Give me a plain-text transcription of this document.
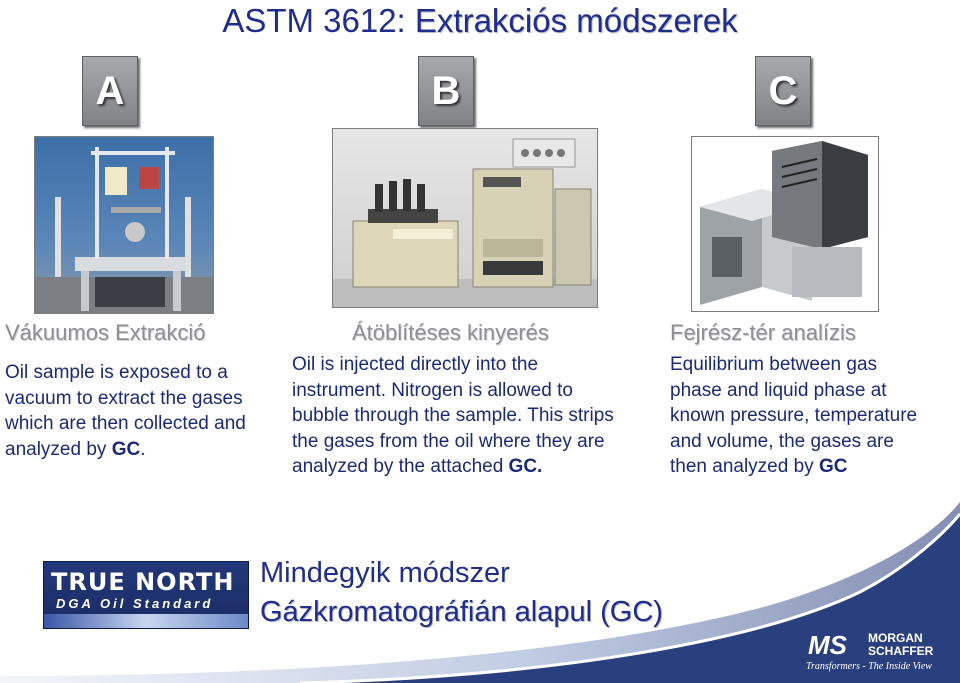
ASTM 3612: Extrakciós módszerek
A	B	C
Vákuumos Extrakció
Oil sample is exposed to a vacuum to extract the gases which are then collected and analyzed by GC.
Átöblítéses kinyerés
Oil is injected directly into the instrument. Nitrogen is allowed to bubble through the sample. This strips the gases from the oil where they are analyzed by the attached GC.
Fejrész-tér analízis
Equilibrium between gas phase and liquid phase at known pressure, temperature and volume, the gases are then analyzed by GC
TRUE NORTH
DGA Oil Standard
Mindegyik módszer
Gázkromatográfián alapul (GC)
MS MORGAN
SCHAFFER
Transformers - The Inside View
